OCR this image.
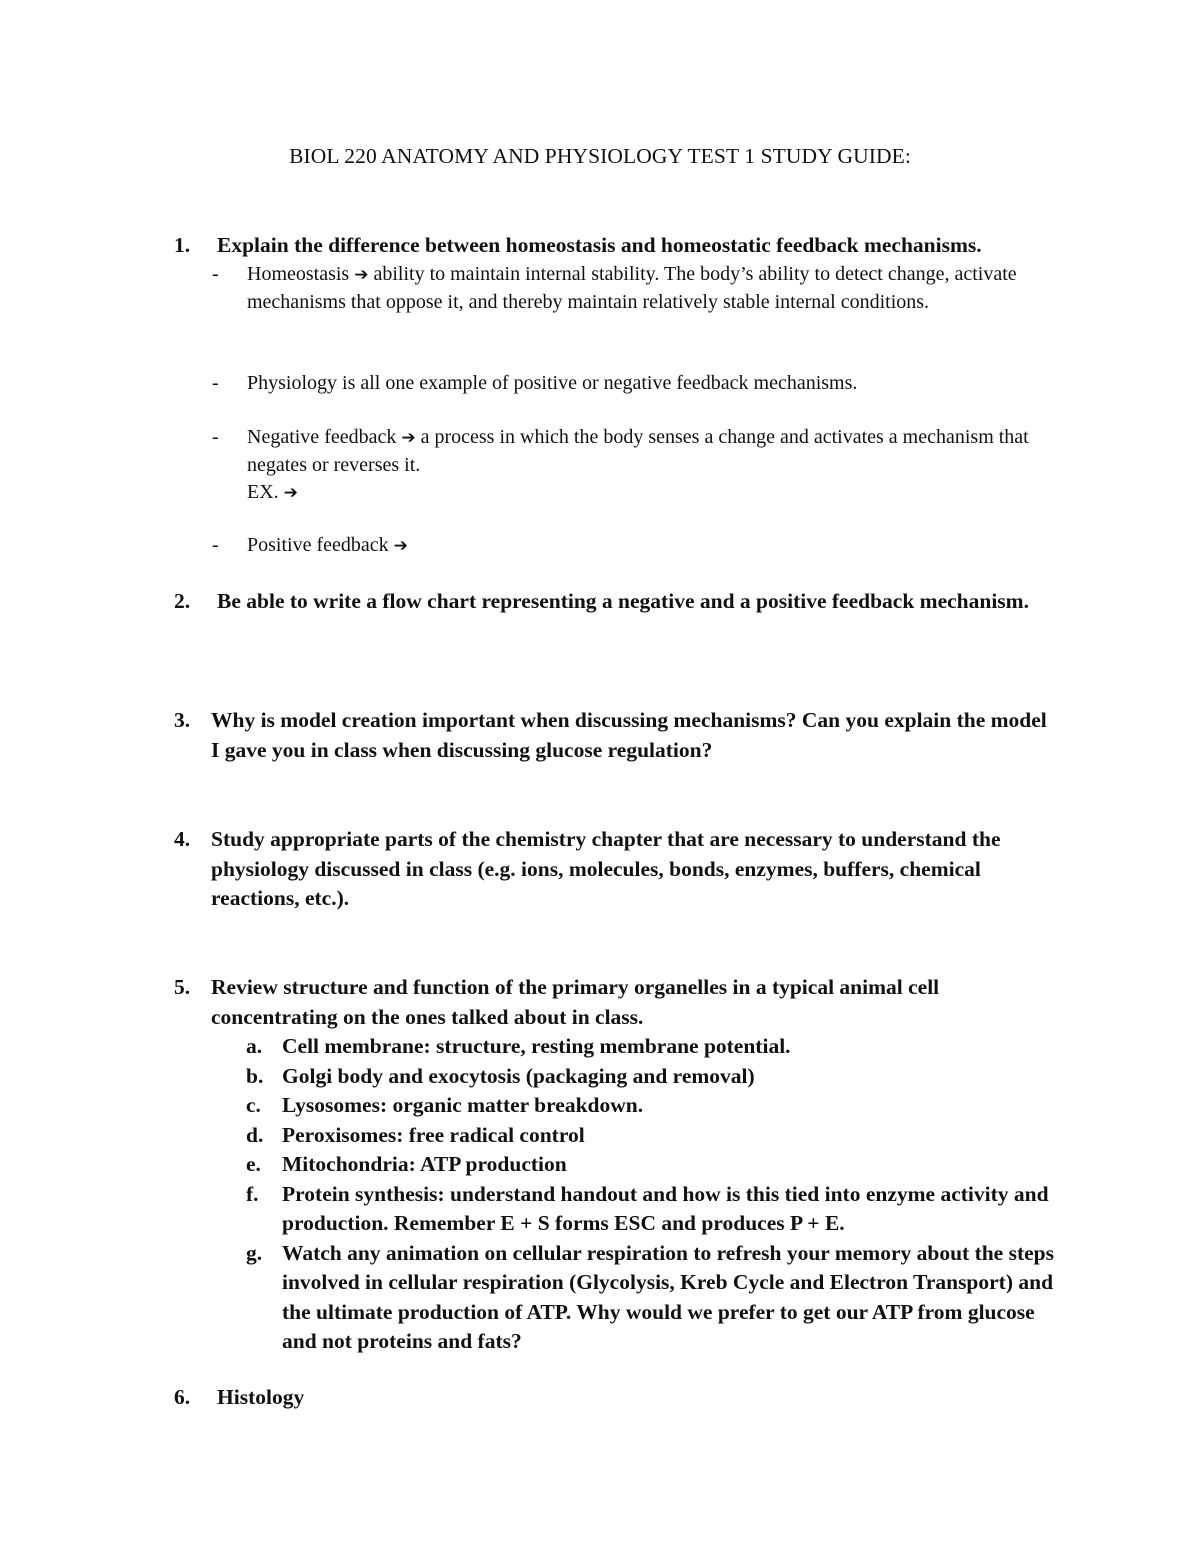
BIOL 220 ANATOMY AND PHYSIOLOGY TEST 1 STUDY GUIDE:
1. Explain the difference between homeostasis and homeostatic feedback mechanisms.
- Homeostasis ➔ ability to maintain internal stability. The body’s ability to detect change, activate mechanisms that oppose it, and thereby maintain relatively stable internal conditions.
- Physiology is all one example of positive or negative feedback mechanisms.
- Negative feedback ➔ a process in which the body senses a change and activates a mechanism that negates or reverses it.
EX. ➔
- Positive feedback ➔
2. Be able to write a flow chart representing a negative and a positive feedback mechanism.
3. Why is model creation important when discussing mechanisms? Can you explain the model I gave you in class when discussing glucose regulation?
4. Study appropriate parts of the chemistry chapter that are necessary to understand the physiology discussed in class (e.g. ions, molecules, bonds, enzymes, buffers, chemical reactions, etc.).
5. Review structure and function of the primary organelles in a typical animal cell concentrating on the ones talked about in class.
a. Cell membrane: structure, resting membrane potential.
b. Golgi body and exocytosis (packaging and removal)
c. Lysosomes: organic matter breakdown.
d. Peroxisomes: free radical control
e. Mitochondria: ATP production
f. Protein synthesis: understand handout and how is this tied into enzyme activity and production. Remember E + S forms ESC and produces P + E.
g. Watch any animation on cellular respiration to refresh your memory about the steps involved in cellular respiration (Glycolysis, Kreb Cycle and Electron Transport) and the ultimate production of ATP. Why would we prefer to get our ATP from glucose and not proteins and fats?
6. Histology
